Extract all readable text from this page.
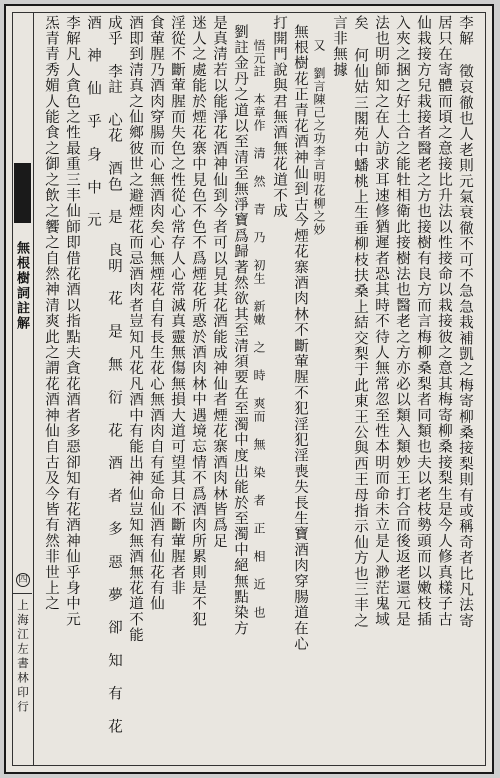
無根樹詞註解
四
上海江左書林印行
李解 徵哀徹也人老則元氣衰徹不可不急急栽補凱之梅寄柳桑接梨則有或稱奇者比凡法寄
居只在寄體而頃之意接比升法以性接命以栽接彼之意其梅寄柳桑接梨生是今人修真樣子古
仙栽接方兒栽接者醫老之方也接樹有良方而言梅柳桑梨者同類也夫以老枝勢頭而以嫩枝插
入夾之捆之好土合之能牡相衛此接樹法也醫老之方亦必以類入類妙王打合而後返老還元是
法也明師知之在人訪求耳速修猶遲者恐其時不待人無常忽至性本明而命未立是人渺茫鬼域
矣 何仙姑三閣苑中蟠桃上生垂柳枝扶桑上結交梨于此東王公與西王母指示仙方也三丰之
言非無據
又 劉言陳己之功李言明花柳之妙
無根樹花正青花酒神仙到古今煙花寨酒肉林不斷葷腥不犯淫犯淫喪失長生寶酒肉穿腸道在心
打開門說與君無酒無花道不成
悟元註 本章作 清 然 青 乃 初生 新嫩 之 時 爽而 無 染 者 正 相 近 也
劉註金丹之道以至清至無淨寶爲歸著然欲其至清須要在至濁中度出能於至濁中絕無點染方
是真清若以能淨花酒神仙到今者可以見其花酒能成神仙者煙花寨酒肉林皆爲足
迷人之處能於煙花寨中見色不色不爲煙花所惑於酒肉林中遇境忘情不爲酒肉所累則是不犯
淫從不斷葷腥而失色之性從心常存人心常滅真靈無傷無損大道可望其日不斷葷腥者非
食葷腥乃酒肉穿腸而心無酒肉矣心無煙花自有長生花心無酒肉自有延命仙酒有仙花有仙
酒即到清真之仙鄉彼世之避煙花而忌酒肉者豈知凡花凡酒中有能出神仙豈知無酒無花道不能
成乎 李註 心花 酒色 是 良明 花 是 無 衍 花 酒 者 多 惡 夢 卻 知 有 花 酒 神 仙 乎 身 中 元
李解凡人貪色之性最重三丰仙師即借花酒以指點夫貪花酒者多惡卻知有花酒神仙乎身中元
炁青青秀媚人能食之御之飲之饗之自然神清爽此之謂花酒神仙自古及今皆有然非世上之
